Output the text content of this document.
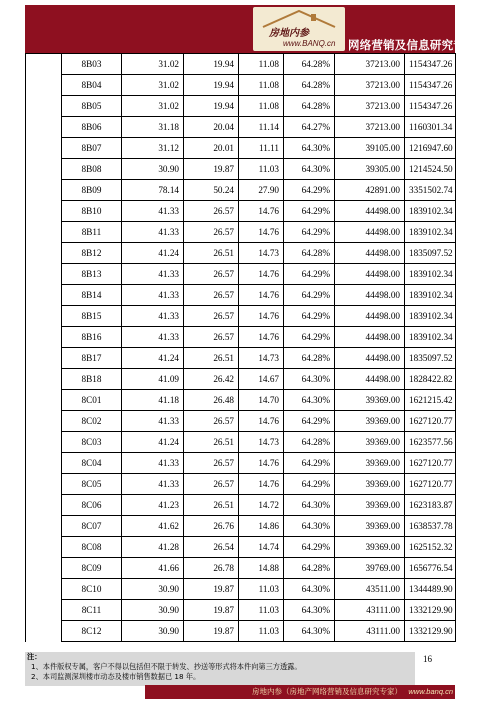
房地内参
www.BANQ.cn 网络营销及信息研究专家
	8B03	31.02	19.94	11.08	64.28%	37213.00	1154347.26	
	8B04	31.02	19.94	11.08	64.28%	37213.00	1154347.26	
	8B05	31.02	19.94	11.08	64.28%	37213.00	1154347.26	
	8B06	31.18	20.04	11.14	64.27%	37213.00	1160301.34	
	8B07	31.12	20.01	11.11	64.30%	39105.00	1216947.60	
	8B08	30.90	19.87	11.03	64.30%	39305.00	1214524.50	
	8B09	78.14	50.24	27.90	64.29%	42891.00	3351502.74	
	8B10	41.33	26.57	14.76	64.29%	44498.00	1839102.34	
	8B11	41.33	26.57	14.76	64.29%	44498.00	1839102.34	
	8B12	41.24	26.51	14.73	64.28%	44498.00	1835097.52	
	8B13	41.33	26.57	14.76	64.29%	44498.00	1839102.34	
	8B14	41.33	26.57	14.76	64.29%	44498.00	1839102.34	
	8B15	41.33	26.57	14.76	64.29%	44498.00	1839102.34	
	8B16	41.33	26.57	14.76	64.29%	44498.00	1839102.34	
	8B17	41.24	26.51	14.73	64.28%	44498.00	1835097.52	
	8B18	41.09	26.42	14.67	64.30%	44498.00	1828422.82	
	8C01	41.18	26.48	14.70	64.30%	39369.00	1621215.42	
	8C02	41.33	26.57	14.76	64.29%	39369.00	1627120.77	
	8C03	41.24	26.51	14.73	64.28%	39369.00	1623577.56	
	8C04	41.33	26.57	14.76	64.29%	39369.00	1627120.77	
	8C05	41.33	26.57	14.76	64.29%	39369.00	1627120.77	
	8C06	41.23	26.51	14.72	64.30%	39369.00	1623183.87	
	8C07	41.62	26.76	14.86	64.30%	39369.00	1638537.78	
	8C08	41.28	26.54	14.74	64.29%	39369.00	1625152.32	
	8C09	41.66	26.78	14.88	64.28%	39769.00	1656776.54	
	8C10	30.90	19.87	11.03	64.30%	43511.00	1344489.90	
	8C11	30.90	19.87	11.03	64.30%	43111.00	1332129.90	
	8C12	30.90	19.87	11.03	64.30%	43111.00	1332129.90	
注：
1、本件版权专属，客户不得以包括但不限于转发、抄送等形式将本件向第三方透露。
2、本司监测深圳楼市动态及楼市销售数据已 18 年。
16
房地内参（房地产网络营销及信息研究专家） www.banq.cn
